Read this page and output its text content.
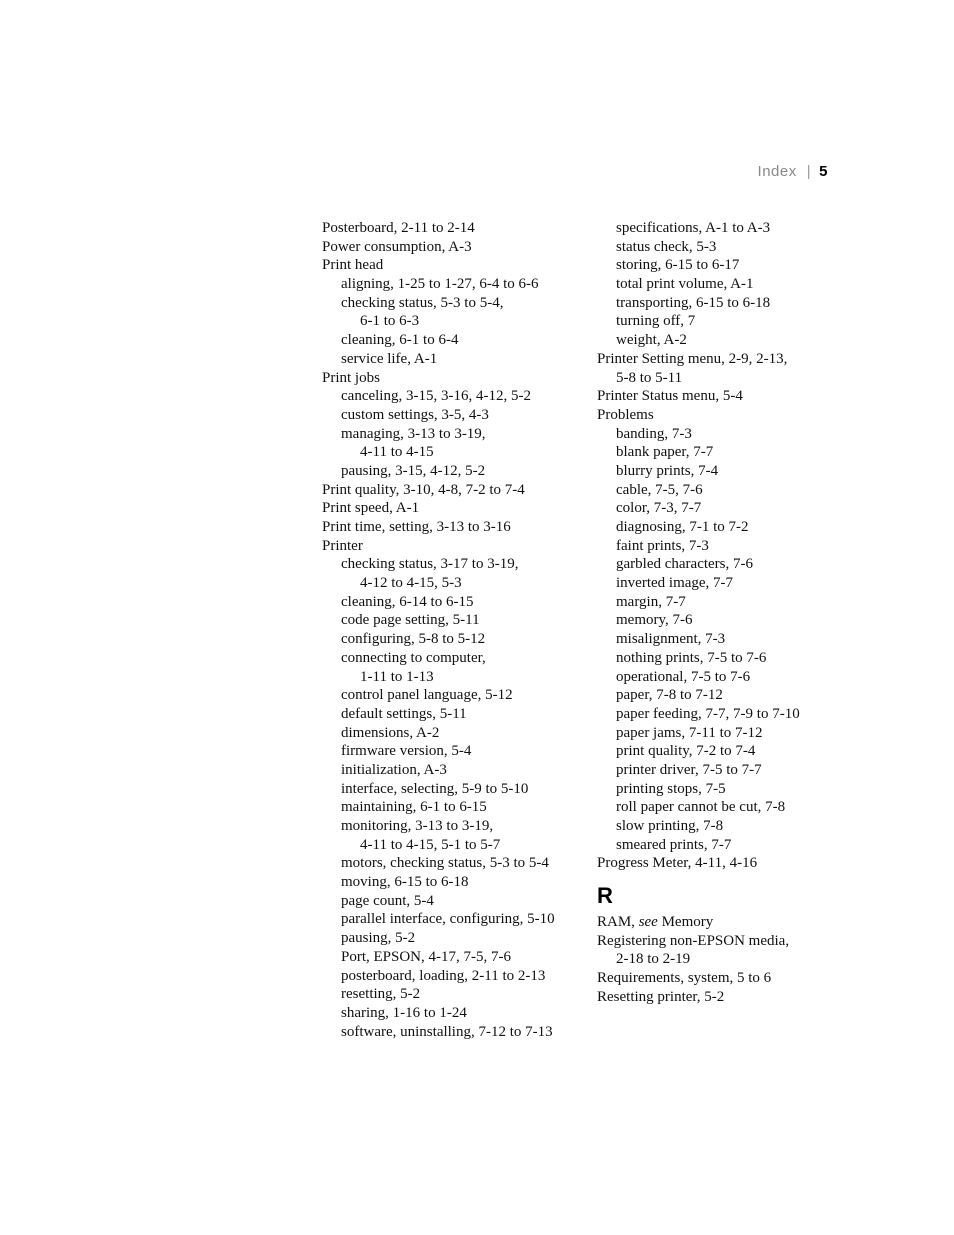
Index | 5
Posterboard, 2-11 to 2-14
Power consumption, A-3
Print head
aligning, 1-25 to 1-27, 6-4 to 6-6
checking status, 5-3 to 5-4,
6-1 to 6-3
cleaning, 6-1 to 6-4
service life, A-1
Print jobs
canceling, 3-15, 3-16, 4-12, 5-2
custom settings, 3-5, 4-3
managing, 3-13 to 3-19,
4-11 to 4-15
pausing, 3-15, 4-12, 5-2
Print quality, 3-10, 4-8, 7-2 to 7-4
Print speed, A-1
Print time, setting, 3-13 to 3-16
Printer
checking status, 3-17 to 3-19,
4-12 to 4-15, 5-3
cleaning, 6-14 to 6-15
code page setting, 5-11
configuring, 5-8 to 5-12
connecting to computer,
1-11 to 1-13
control panel language, 5-12
default settings, 5-11
dimensions, A-2
firmware version, 5-4
initialization, A-3
interface, selecting, 5-9 to 5-10
maintaining, 6-1 to 6-15
monitoring, 3-13 to 3-19,
4-11 to 4-15, 5-1 to 5-7
motors, checking status, 5-3 to 5-4
moving, 6-15 to 6-18
page count, 5-4
parallel interface, configuring, 5-10
pausing, 5-2
Port, EPSON, 4-17, 7-5, 7-6
posterboard, loading, 2-11 to 2-13
resetting, 5-2
sharing, 1-16 to 1-24
software, uninstalling, 7-12 to 7-13
specifications, A-1 to A-3
status check, 5-3
storing, 6-15 to 6-17
total print volume, A-1
transporting, 6-15 to 6-18
turning off, 7
weight, A-2
Printer Setting menu, 2-9, 2-13,
5-8 to 5-11
Printer Status menu, 5-4
Problems
banding, 7-3
blank paper, 7-7
blurry prints, 7-4
cable, 7-5, 7-6
color, 7-3, 7-7
diagnosing, 7-1 to 7-2
faint prints, 7-3
garbled characters, 7-6
inverted image, 7-7
margin, 7-7
memory, 7-6
misalignment, 7-3
nothing prints, 7-5 to 7-6
operational, 7-5 to 7-6
paper, 7-8 to 7-12
paper feeding, 7-7, 7-9 to 7-10
paper jams, 7-11 to 7-12
print quality, 7-2 to 7-4
printer driver, 7-5 to 7-7
printing stops, 7-5
roll paper cannot be cut, 7-8
slow printing, 7-8
smeared prints, 7-7
Progress Meter, 4-11, 4-16
R
RAM, see Memory
Registering non-EPSON media,
2-18 to 2-19
Requirements, system, 5 to 6
Resetting printer, 5-2
